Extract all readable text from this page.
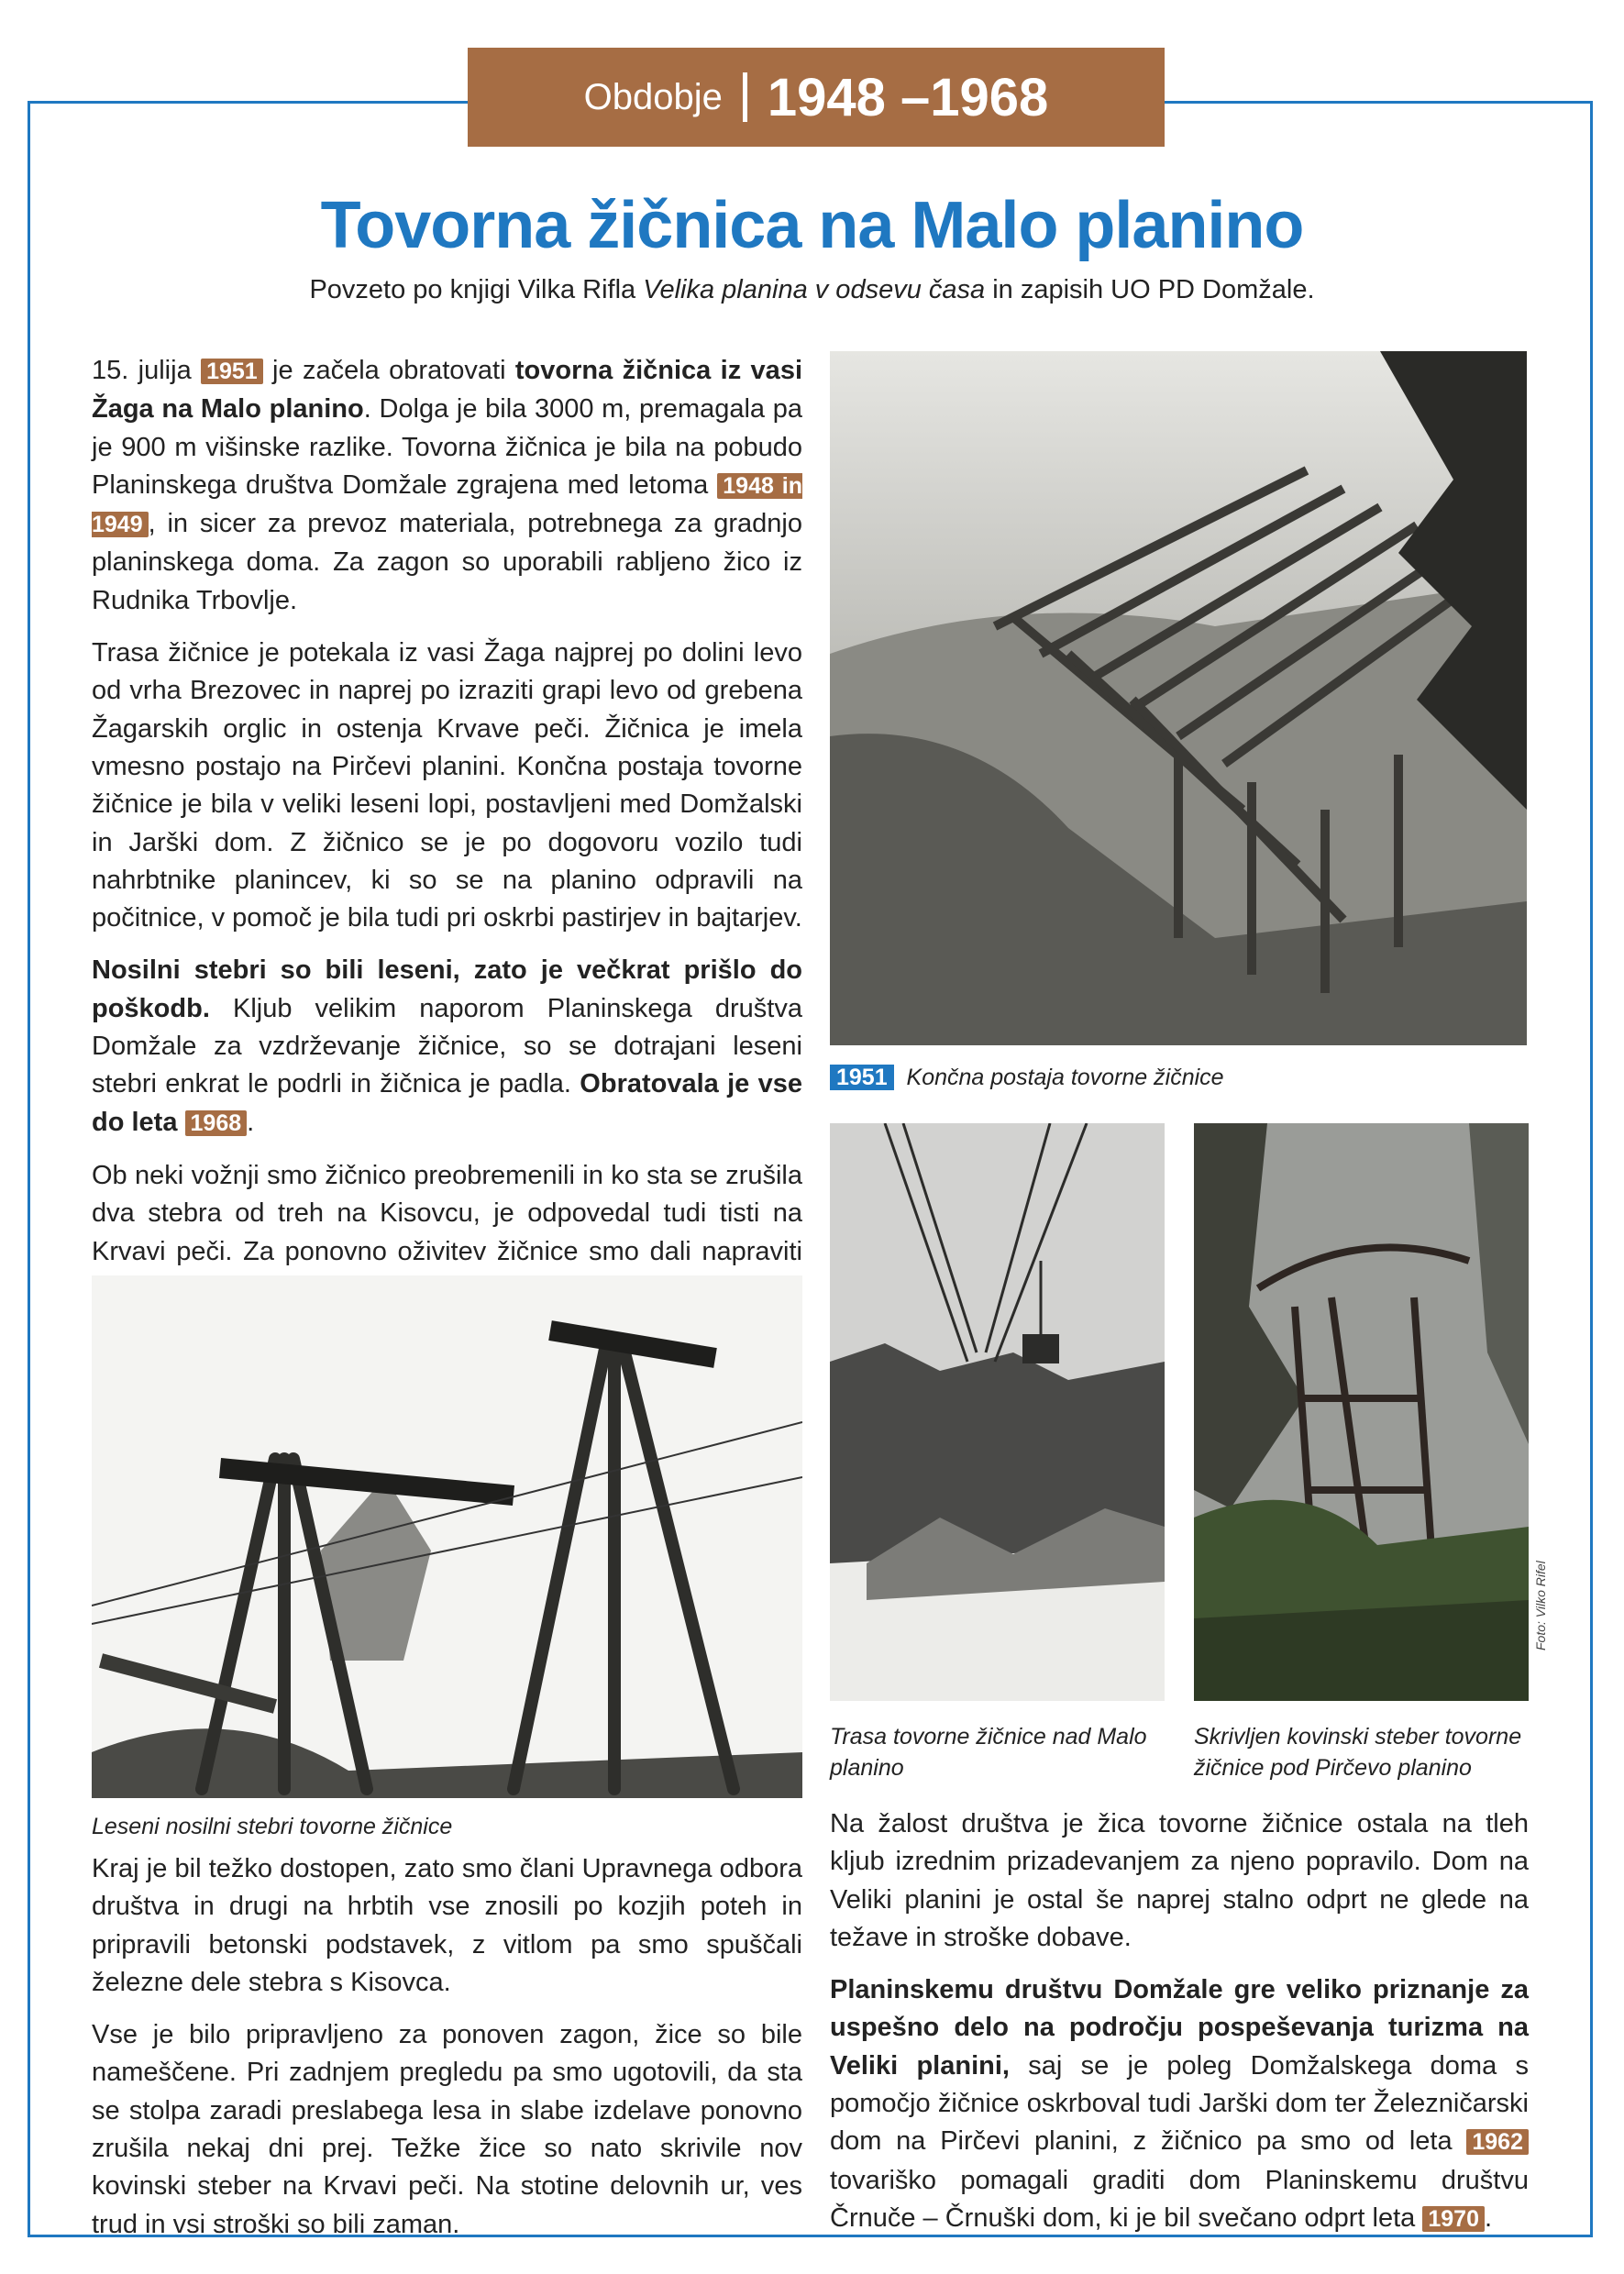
Obdobje 1948 –1968
Tovorna žičnica na Malo planino
Povzeto po knjigi Vilka Rifla Velika planina v odsevu časa in zapisih UO PD Domžale.

15. julija 1951 je začela obratovati tovorna žičnica iz vasi Žaga na Malo planino. Dolga je bila 3000 m, premagala pa je 900 m višinske razlike. Tovorna žičnica je bila na pobudo Planinskega društva Domžale zgrajena med letoma 1948 in 1949 , in sicer za prevoz materiala, potrebnega za gradnjo planinskega doma. Za zagon so uporabili rabljeno žico iz Rudnika Trbovlje.

Trasa žičnice je potekala iz vasi Žaga najprej po dolini levo od vrha Brezovec in naprej po izraziti grapi levo od grebena Žagarskih orglic in ostenja Krvave peči. Žičnica je imela vmesno postajo na Pirčevi planini. Končna postaja tovorne žičnice je bila v veliki leseni lopi, postavljeni med Domžalski in Jarški dom. Z žičnico se je po dogovoru vozilo tudi nahrbtnike planincev, ki so se na planino odpravili na počitnice, v pomoč je bila tudi pri oskrbi pastirjev in bajtarjev.

Nosilni stebri so bili leseni, zato je večkrat prišlo do poškodb. Kljub velikim naporom Planinskega društva Domžale za vzdrževanje žičnice, so se dotrajani leseni stebri enkrat le podrli in žičnica je padla. Obratovala je vse do leta 1968 .

Ob neki vožnji smo žičnico preobremenili in ko sta se zrušila dva stebra od treh na Kisovcu, je odpovedal tudi tisti na Krvavi peči. Za ponovno oživitev žičnice smo dali napraviti

1951 Končna postaja tovorne žičnice
Trasa tovorne žičnice nad Malo planino
Skrivljen kovinski steber tovorne žičnice pod Pirčevo planino
Foto: Vilko Rifel
Leseni nosilni stebri tovorne žičnice

Kraj je bil težko dostopen, zato smo člani Upravnega odbora društva in drugi na hrbtih vse znosili po kozjih poteh in pripravili betonski podstavek, z vitlom pa smo spuščali železne dele stebra s Kisovca.

Vse je bilo pripravljeno za ponoven zagon, žice so bile nameščene. Pri zadnjem pregledu pa smo ugotovili, da sta se stolpa zaradi preslabega lesa in slabe izdelave ponovno zrušila nekaj dni prej. Težke žice so nato skrivile nov kovinski steber na Krvavi peči. Na stotine delovnih ur, ves trud in vsi stroški so bili zaman.

Na žalost društva je žica tovorne žičnice ostala na tleh kljub izrednim prizadevanjem za njeno popravilo. Dom na Veliki planini je ostal še naprej stalno odprt ne glede na težave in stroške dobave.

Planinskemu društvu Domžale gre veliko priznanje za uspešno delo na področju pospeševanja turizma na Veliki planini, saj se je poleg Domžalskega doma s pomočjo žičnice oskrboval tudi Jarški dom ter Železničarski dom na Pirčevi planini, z žičnico pa smo od leta 1962 tovariško pomagali graditi dom Planinskemu društvu Črnuče – Črnuški dom, ki je bil svečano odprt leta 1970 .
